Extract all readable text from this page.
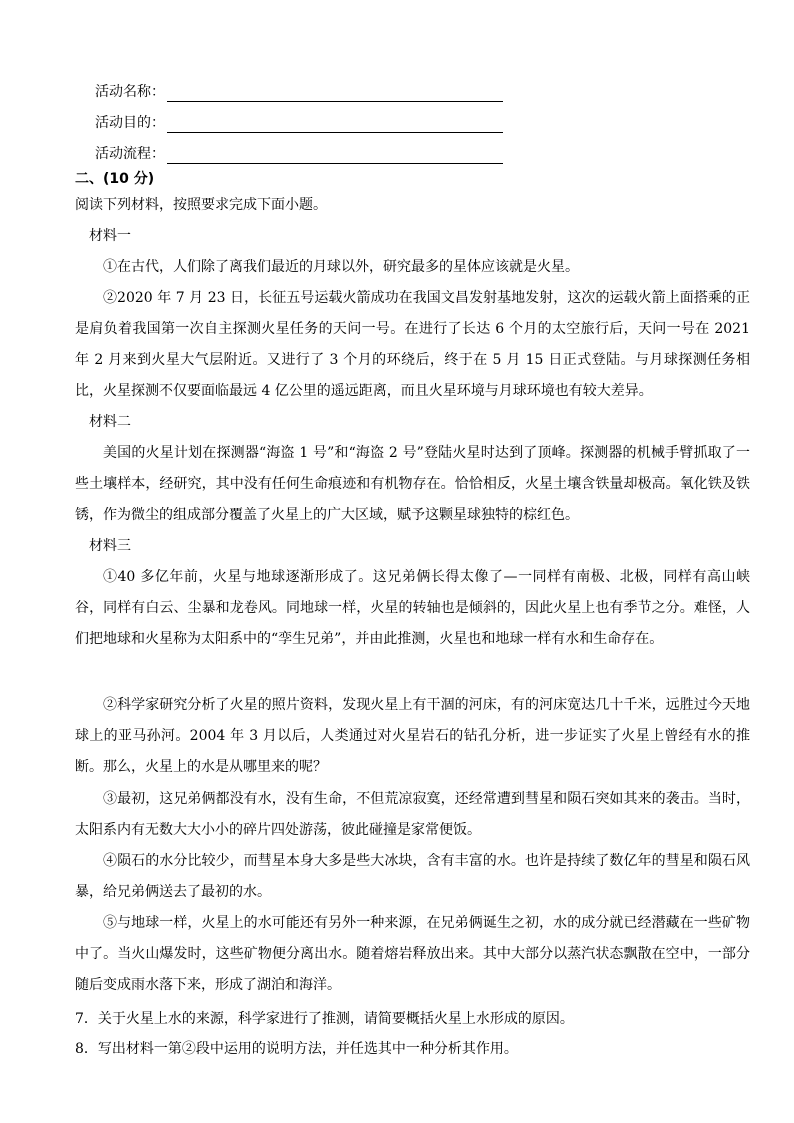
活动名称：
活动目的：
活动流程：
二、(10 分)
阅读下列材料，按照要求完成下面小题。
材料一
①在古代，人们除了离我们最近的月球以外，研究最多的星体应该就是火星。
②2020 年 7 月 23 日，长征五号运载火箭成功在我国文昌发射基地发射，这次的运载火箭上面搭乘的正是肩负着我国第一次自主探测火星任务的天问一号。在进行了长达 6 个月的太空旅行后，天问一号在 2021 年 2 月来到火星大气层附近。又进行了 3 个月的环绕后，终于在 5 月 15 日正式登陆。与月球探测任务相比，火星探测不仅要面临最远 4 亿公里的遥远距离，而且火星环境与月球环境也有较大差异。
材料二
美国的火星计划在探测器“海盗 1 号”和“海盗 2 号”登陆火星时达到了顶峰。探测器的机械手臂抓取了一些土壤样本，经研究，其中没有任何生命痕迹和有机物存在。恰恰相反，火星土壤含铁量却极高。氧化铁及铁锈，作为微尘的组成部分覆盖了火星上的广大区域，赋予这颗星球独特的棕红色。
材料三
①40 多亿年前，火星与地球逐渐形成了。这兄弟俩长得太像了—一同样有南极、北极，同样有高山峡谷，同样有白云、尘暴和龙卷风。同地球一样，火星的转轴也是倾斜的，因此火星上也有季节之分。难怪，人们把地球和火星称为太阳系中的“孪生兄弟”，并由此推测，火星也和地球一样有水和生命存在。
②科学家研究分析了火星的照片资料，发现火星上有干涸的河床，有的河床宽达几十千米，远胜过今天地球上的亚马孙河。2004 年 3 月以后，人类通过对火星岩石的钻孔分析，进一步证实了火星上曾经有水的推断。那么，火星上的水是从哪里来的呢？
③最初，这兄弟俩都没有水，没有生命，不但荒凉寂寞，还经常遭到彗星和陨石突如其来的袭击。当时，太阳系内有无数大大小小的碎片四处游荡，彼此碰撞是家常便饭。
④陨石的水分比较少，而彗星本身大多是些大冰块，含有丰富的水。也许是持续了数亿年的彗星和陨石风暴，给兄弟俩送去了最初的水。
⑤与地球一样，火星上的水可能还有另外一种来源，在兄弟俩诞生之初，水的成分就已经潜藏在一些矿物中了。当火山爆发时，这些矿物便分离出水。随着熔岩释放出来。其中大部分以蒸汽状态飘散在空中，一部分随后变成雨水落下来，形成了湖泊和海洋。
7．关于火星上水的来源，科学家进行了推测，请简要概括火星上水形成的原因。
8．写出材料一第②段中运用的说明方法，并任选其中一种分析其作用。
